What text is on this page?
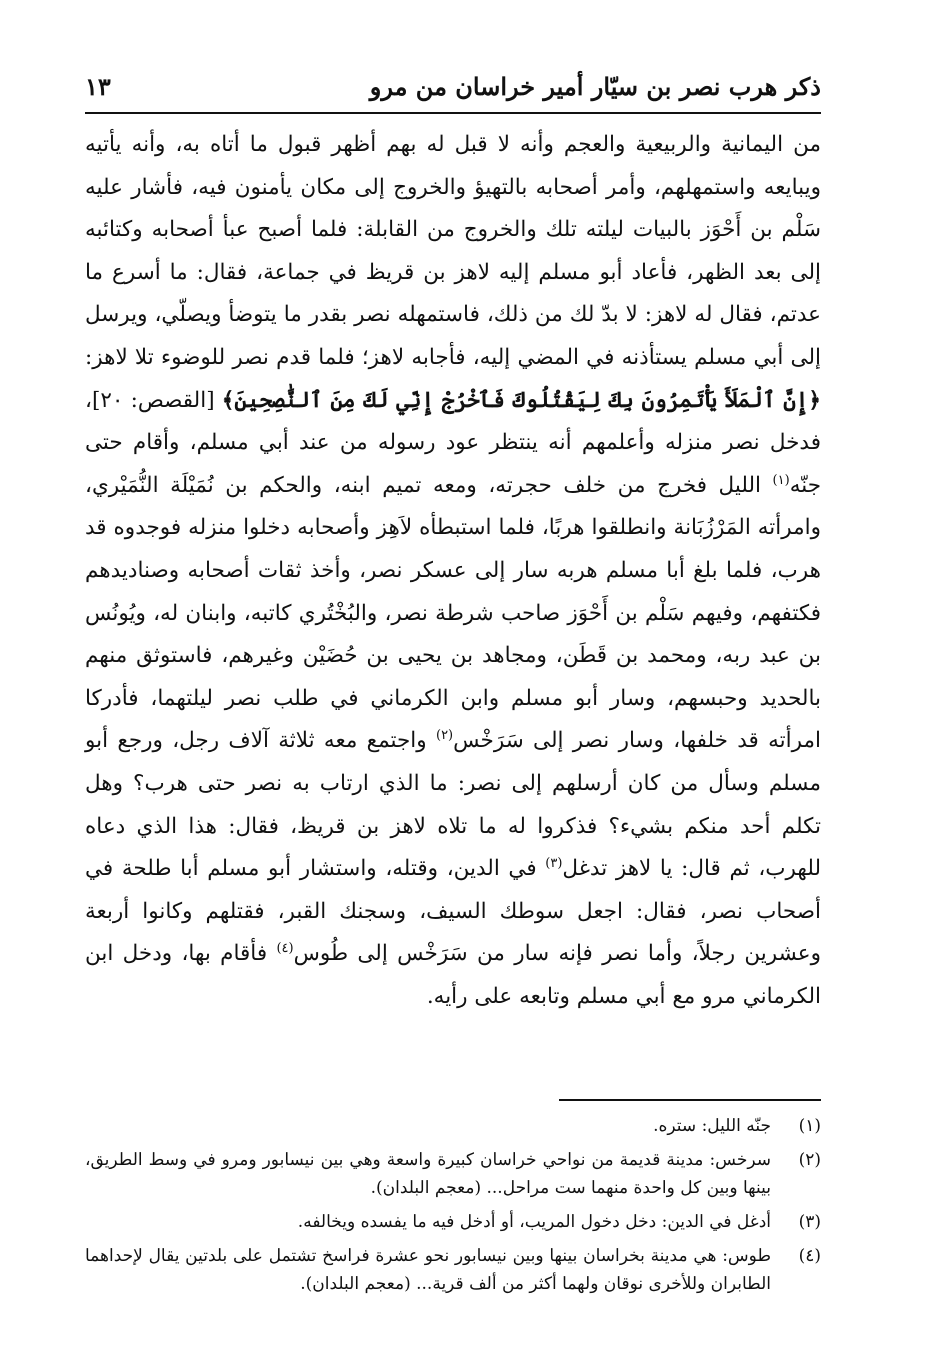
ذكر هرب نصر بن سيّار أمير خراسان من مرو
١٣

من اليمانية والربيعية والعجم وأنه لا قبل له بهم أظهر قبول ما أتاه به، وأنه يأتيه ويبايعه واستمهلهم، وأمر أصحابه بالتهيؤ والخروج إلى مكان يأمنون فيه، فأشار عليه سَلْم بن أَحْوَز بالبيات ليلته تلك والخروج من القابلة: فلما أصبح عبأ أصحابه وكتائبه إلى بعد الظهر، فأعاد أبو مسلم إليه لاهز بن قريظ في جماعة، فقال: ما أسرع ما عدتم، فقال له لاهز: لا بدّ لك من ذلك، فاستمهله نصر بقدر ما يتوضأ ويصلّي، ويرسل إلى أبي مسلم يستأذنه في المضي إليه، فأجابه لاهز؛ فلما قدم نصر للوضوء تلا لاهز: ﴿إِنَّ ٱلْمَلَأَ يَأْتَمِرُونَ بِكَ لِيَقْتُلُوكَ فَٱخْرُجْ إِنِّي لَكَ مِنَ ٱلنَّٰصِحِينَ﴾ [القصص: ٢٠]، فدخل نصر منزله وأعلمهم أنه ينتظر عود رسوله من عند أبي مسلم، وأقام حتى جنّه$^{(١)}$ الليل فخرج من خلف حجرته، ومعه تميم ابنه، والحكم بن نُمَيْلَة النُّمَيْري، وامرأته المَرْزُبَانة وانطلقوا هربًا، فلما استبطأه لاَهِز وأصحابه دخلوا منزله فوجدوه قد هرب، فلما بلغ أبا مسلم هربه سار إلى عسكر نصر، وأخذ ثقات أصحابه وصناديدهم فكتفهم، وفيهم سَلْم بن أَحْوَز صاحب شرطة نصر، والبُخْتُري كاتبه، وابنان له، ويُونُس بن عبد ربه، ومحمد بن قَطَن، ومجاهد بن يحيى بن حُضَيْن وغيرهم، فاستوثق منهم بالحديد وحبسهم، وسار أبو مسلم وابن الكرماني في طلب نصر ليلتهما، فأدركا امرأته قد خلفها، وسار نصر إلى سَرَخْس$^{(٢)}$ واجتمع معه ثلاثة آلاف رجل، ورجع أبو مسلم وسأل من كان أرسلهم إلى نصر: ما الذي ارتاب به نصر حتى هرب؟ وهل تكلم أحد منكم بشيء؟ فذكروا له ما تلاه لاهز بن قريظ، فقال: هذا الذي دعاه للهرب، ثم قال: يا لاهز تدغل$^{(٣)}$ في الدين، وقتله، واستشار أبو مسلم أبا طلحة في أصحاب نصر، فقال: اجعل سوطك السيف، وسجنك القبر، فقتلهم وكانوا أربعة وعشرين رجلاً، وأما نصر فإنه سار من سَرَخْس إلى طُوس$^{(٤)}$ فأقام بها، ودخل ابن الكرماني مرو مع أبي مسلم وتابعه على رأيه.

(١)
جنّه الليل: ستره.
(٢)
سرخس: مدينة قديمة من نواحي خراسان كبيرة واسعة وهي بين نيسابور ومرو في وسط الطريق، بينها وبين كل واحدة منهما ست مراحل... (معجم البلدان).
(٣)
أدغل في الدين: دخل دخول المريب، أو أدخل فيه ما يفسده ويخالفه.
(٤)
طوس: هي مدينة بخراسان بينها وبين نيسابور نحو عشرة فراسخ تشتمل على بلدتين يقال لإحداهما الطابران وللأخرى نوقان ولهما أكثر من ألف قرية... (معجم البلدان).
